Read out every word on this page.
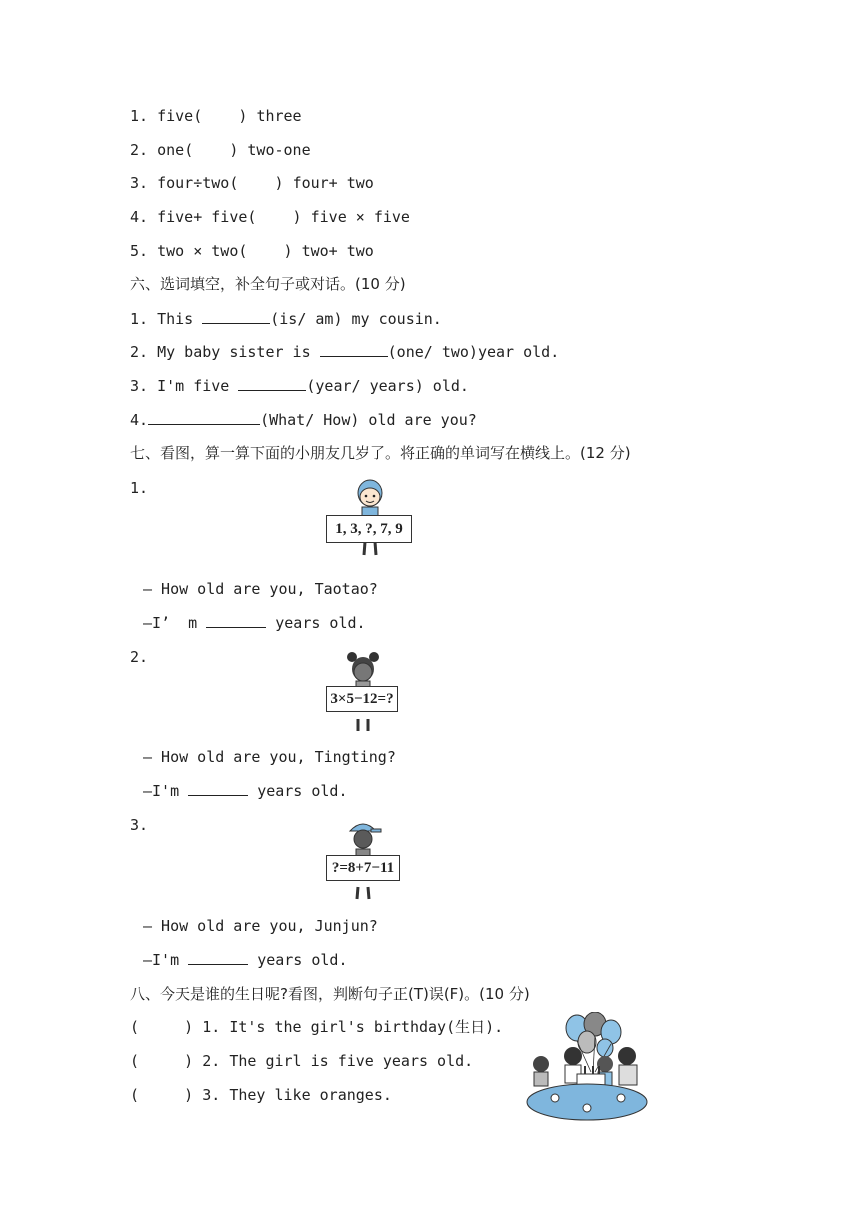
1. five(    ) three
2. one(    ) two-one
3. four÷two(    ) four+ two
4. five+ five(    ) five × five
5. two × two(    ) two+ two
六、选词填空，补全句子或对话。(10 分)
1. This	(is/ am) my cousin.
2. My baby sister is	(one/ two)year old.
3. I'm five	(year/ years) old.
4.	(What/ How) old are you?
七、看图，算一算下面的小朋友几岁了。将正确的单词写在横线上。(12 分)
1.
1, 3, ?, 7, 9
— How old are you, Taotao?
—I’  m	years old.
2.
3×5−12=?
— How old are you, Tingting?
—I'm	years old.
3.
?=8+7−11
— How old are you, Junjun?
—I'm	years old.
八、今天是谁的生日呢?看图，判断句子正(T)误(F)。(10 分)
(     ) 1. It's the girl's birthday(生日).
(     ) 2. The girl is five years old.
(     ) 3. They like oranges.
